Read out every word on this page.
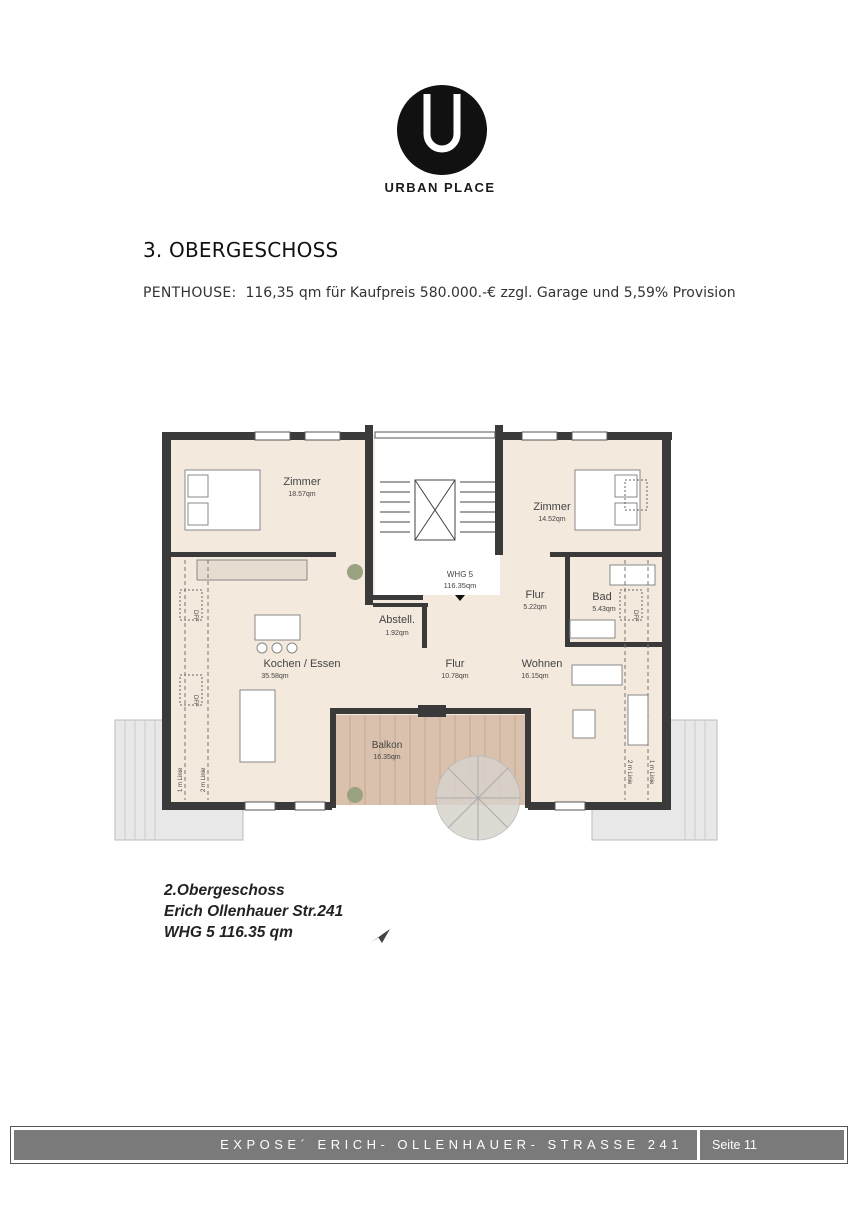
URBAN PLACE
3. OBERGESCHOSS
PENTHOUSE: 116,35 qm für Kaufpreis 580.000.-€ zzgl. Garage und 5,59% Provision
Zimmer
18.57qm
Zimmer
14.52qm
WHG 5
116.35qm
Flur
5.22qm
Bad
5.43qm
Abstell.
1.92qm
Kochen / Essen
35.58qm
Flur
10.78qm
Wohnen
16.15qm
Balkon
16.35qm
DFF
DFF
DFF
1 m Linie	2 m Linie	1 m Linie
2 m Linie
2.Obergeschoss
Erich Ollenhauer Str.241
WHG 5 116.35 qm
EXPOSE´ ERICH- OLLENHAUER- STRASSE 241	Seite 11
